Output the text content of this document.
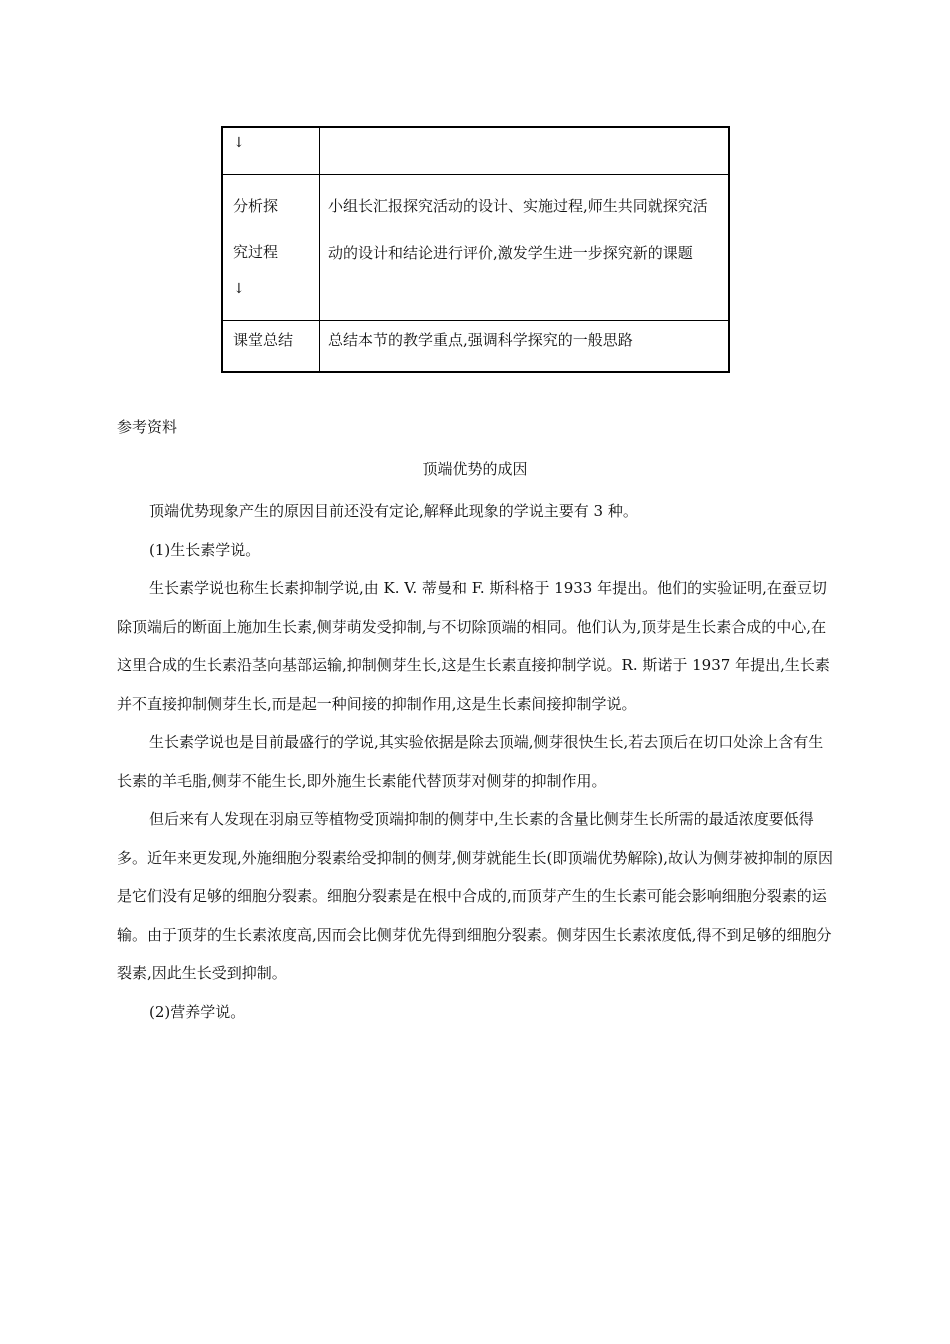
↓	

分析探
究过程
↓	小组长汇报探究活动的设计、实施过程,师生共同就探究活动的设计和结论进行评价,激发学生进一步探究新的课题

课堂总结	总结本节的教学重点,强调科学探究的一般思路
参考资料
顶端优势的成因

顶端优势现象产生的原因目前还没有定论,解释此现象的学说主要有 3 种。

(1)生长素学说。

生长素学说也称生长素抑制学说,由 K. V. 蒂曼和 F. 斯科格于 1933 年提出。他们的实验证明,在蚕豆切除顶端后的断面上施加生长素,侧芽萌发受抑制,与不切除顶端的相同。他们认为,顶芽是生长素合成的中心,在这里合成的生长素沿茎向基部运输,抑制侧芽生长,这是生长素直接抑制学说。R. 斯诺于 1937 年提出,生长素并不直接抑制侧芽生长,而是起一种间接的抑制作用,这是生长素间接抑制学说。

生长素学说也是目前最盛行的学说,其实验依据是除去顶端,侧芽很快生长,若去顶后在切口处涂上含有生长素的羊毛脂,侧芽不能生长,即外施生长素能代替顶芽对侧芽的抑制作用。

但后来有人发现在羽扇豆等植物受顶端抑制的侧芽中,生长素的含量比侧芽生长所需的最适浓度要低得多。近年来更发现,外施细胞分裂素给受抑制的侧芽,侧芽就能生长(即顶端优势解除),故认为侧芽被抑制的原因是它们没有足够的细胞分裂素。细胞分裂素是在根中合成的,而顶芽产生的生长素可能会影响细胞分裂素的运输。由于顶芽的生长素浓度高,因而会比侧芽优先得到细胞分裂素。侧芽因生长素浓度低,得不到足够的细胞分裂素,因此生长受到抑制。

(2)营养学说。
